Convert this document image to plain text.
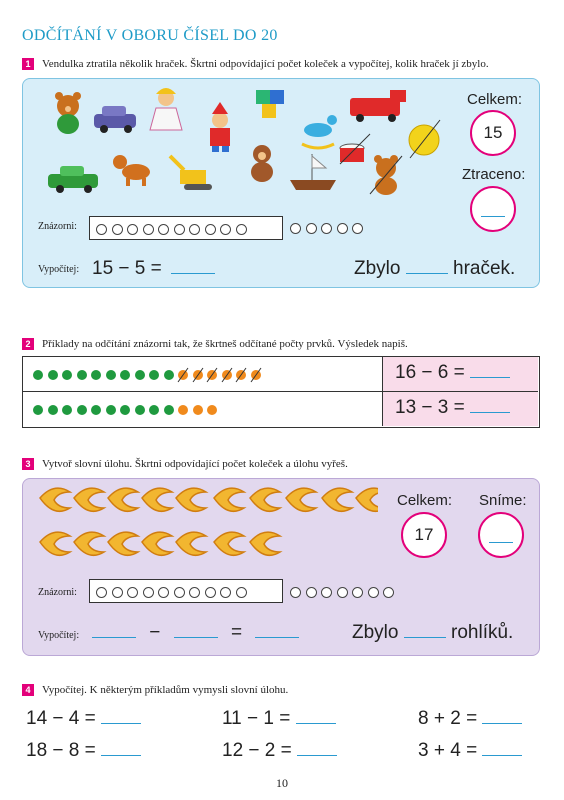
ODČÍTÁNÍ V OBORU ČÍSEL DO 20
1	Vendulka ztratila několik hraček. Škrtni odpovídající počet koleček a vypočítej, kolik hraček jí zbylo.
Celkem:
15
Ztraceno:
Znázorni:
Vypočítej: 15 − 5 =	Zbylo	hraček.
2	Příklady na odčítání znázorni tak, že škrtneš odčítané počty prvků. Výsledek napiš.
16 − 6 =
13 − 3 =
3	Vytvoř slovní úlohu. Škrtni odpovídající počet koleček a úlohu vyřeš.
Celkem:
17
Sníme:
Znázorni:
Vypočítej:	−	=	Zbylo	rohlíků.
4	Vypočítej. K některým příkladům vymysli slovní úlohu.
14 − 4 =	11 − 1 =	8 + 2 =
18 − 8 =	12 − 2 =	3 + 4 =
10
